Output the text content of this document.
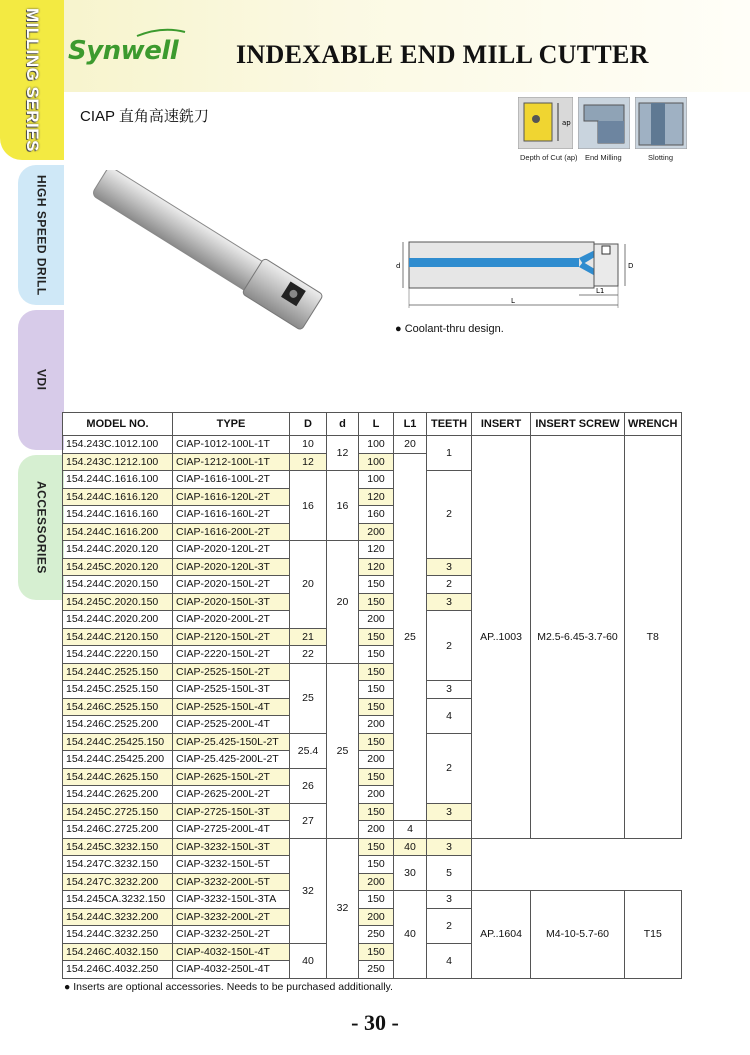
MILLING SERIES
HIGH SPEED DRILL
VDI
ACCESSORIES
Synwell INDEXABLE END MILL CUTTER
CIAP 直角高速銑刀	ap
Depth of Cut (ap) End Milling	Slotting
d	D
L
L1
● Coolant-thru design.
MODEL NO.	TYPE	D	d	L	L1	TEETH	INSERT	INSERT SCREW	WRENCH
154.243C.1012.100	CIAP-1012-100L-1T	10	12	100	20	1	AP..1003	M2.5-6.45-3.7-60	T8
154.243C.1212.100	CIAP-1212-100L-1T	12		100	25				
154.244C.1616.100	CIAP-1616-100L-2T	16	16	100		2			
154.244C.1616.120	CIAP-1616-120L-2T			120					
154.244C.1616.160	CIAP-1616-160L-2T			160					
154.244C.1616.200	CIAP-1616-200L-2T			200					
154.244C.2020.120	CIAP-2020-120L-2T	20	20	120					
154.245C.2020.120	CIAP-2020-120L-3T			120		3			
154.244C.2020.150	CIAP-2020-150L-2T			150		2			
154.245C.2020.150	CIAP-2020-150L-3T			150		3			
154.244C.2020.200	CIAP-2020-200L-2T			200		2			
154.244C.2120.150	CIAP-2120-150L-2T	21		150					
154.244C.2220.150	CIAP-2220-150L-2T	22		150					
154.244C.2525.150	CIAP-2525-150L-2T	25	25	150					
154.245C.2525.150	CIAP-2525-150L-3T			150		3			
154.246C.2525.150	CIAP-2525-150L-4T			150		4			
154.246C.2525.200	CIAP-2525-200L-4T			200					
154.244C.25425.150	CIAP-25.425-150L-2T	25.4		150		2			
154.244C.25425.200	CIAP-25.425-200L-2T			200					
154.244C.2625.150	CIAP-2625-150L-2T	26		150					
154.244C.2625.200	CIAP-2625-200L-2T			200					
154.245C.2725.150	CIAP-2725-150L-3T	27		150		3			
154.246C.2725.200	CIAP-2725-200L-4T			200	4				
154.245C.3232.150	CIAP-3232-150L-3T	32	32	150	40	3			
154.247C.3232.150	CIAP-3232-150L-5T			150	30	5			
154.247C.3232.200	CIAP-3232-200L-5T			200					
154.245CA.3232.150	CIAP-3232-150L-3TA			150	40	3	AP..1604	M4-10-5.7-60	T15
154.244C.3232.200	CIAP-3232-200L-2T			200		2			
154.244C.3232.250	CIAP-3232-250L-2T			250					
154.246C.4032.150	CIAP-4032-150L-4T	40		150		4			
154.246C.4032.250	CIAP-4032-250L-4T			250					
● Inserts are optional accessories. Needs to be purchased additionally.
- 30 -
